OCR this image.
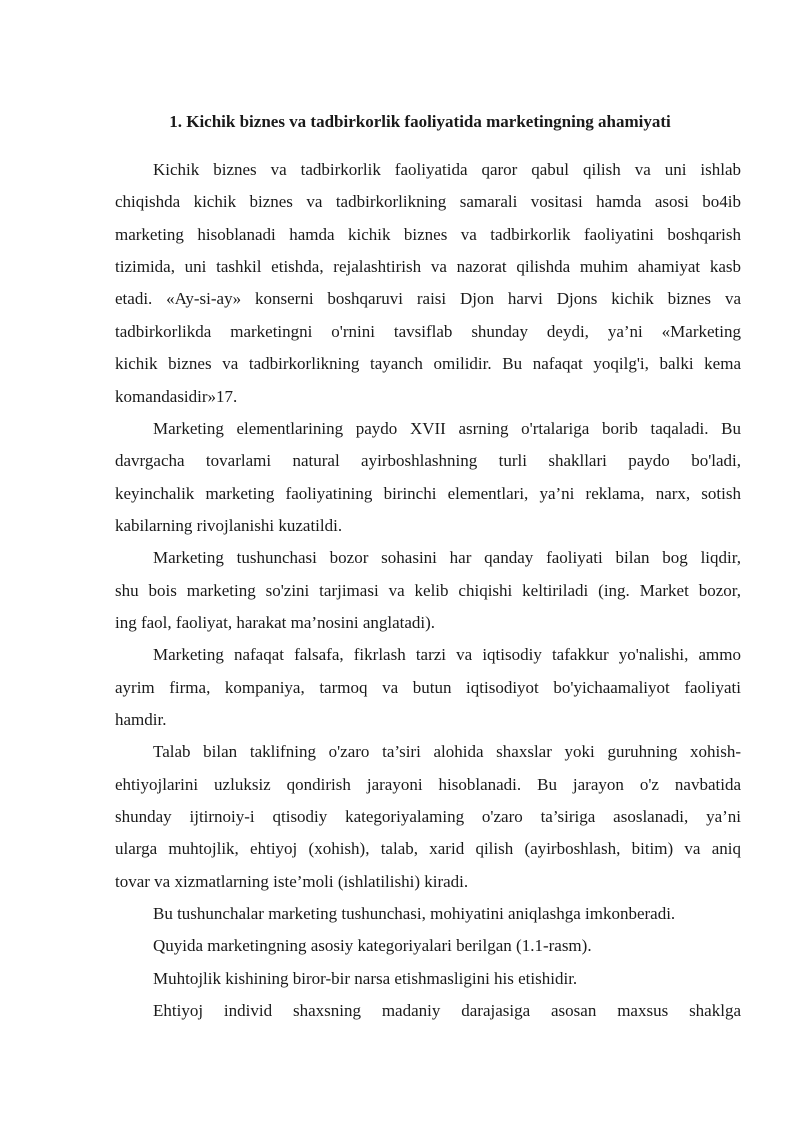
1. Kichik biznes va tadbirkorlik faoliyatida marketingning ahamiyati
Kichik biznes va tadbirkorlik faoliyatida qaror qabul qilish va uni ishlab
chiqishda kichik biznes va tadbirkorlikning samarali vositasi hamda asosi bo4ib
marketing hisoblanadi hamda kichik biznes va tadbirkorlik faoliyatini boshqarish
tizimida, uni tashkil etishda, rejalashtirish va nazorat qilishda muhim ahamiyat kasb
etadi. «Ay-si-ay» konserni boshqaruvi raisi Djon harvi Djons kichik biznes va
tadbirkorlikda marketingni o'rnini tavsiflab shunday deydi, ya’ni «Marketing
kichik biznes va tadbirkorlikning tayanch omilidir. Bu nafaqat yoqilg'i, balki kema
komandasidir»17.
Marketing elementlarining paydo XVII asrning o'rtalariga borib taqaladi. Bu
davrgacha tovarlami natural ayirboshlashning turli shakllari paydo bo'ladi,
keyinchalik marketing faoliyatining birinchi elementlari, ya’ni reklama, narx, sotish
kabilarning rivojlanishi kuzatildi.
Marketing tushunchasi bozor sohasini har qanday faoliyati bilan bog liqdir,
shu bois marketing so'zini tarjimasi va kelib chiqishi keltiriladi (ing. Market bozor,
ing faol, faoliyat, harakat ma’nosini anglatadi).
Marketing nafaqat falsafa, fikrlash tarzi va iqtisodiy tafakkur yo'nalishi, ammo
ayrim firma, kompaniya, tarmoq va butun iqtisodiyot bo'yichaamaliyot faoliyati
hamdir.
Talab bilan taklifning o'zaro ta’siri alohida shaxslar yoki guruhning xohish-
ehtiyojlarini uzluksiz qondirish jarayoni hisoblanadi. Bu jarayon o'z navbatida
shunday ijtirnoiy-i qtisodiy kategoriyalaming o'zaro ta’siriga asoslanadi, ya’ni
ularga muhtojlik, ehtiyoj (xohish), talab, xarid qilish (ayirboshlash, bitim) va aniq
tovar va xizmatlarning iste’moli (ishlatilishi) kiradi.
Bu tushunchalar marketing tushunchasi, mohiyatini aniqlashga imkonberadi.
Quyida marketingning asosiy kategoriyalari berilgan (1.1-rasm).
Muhtojlik kishining biror-bir narsa etishmasligini his etishidir.
Ehtiyoj individ shaxsning madaniy darajasiga asosan maxsus shaklga
